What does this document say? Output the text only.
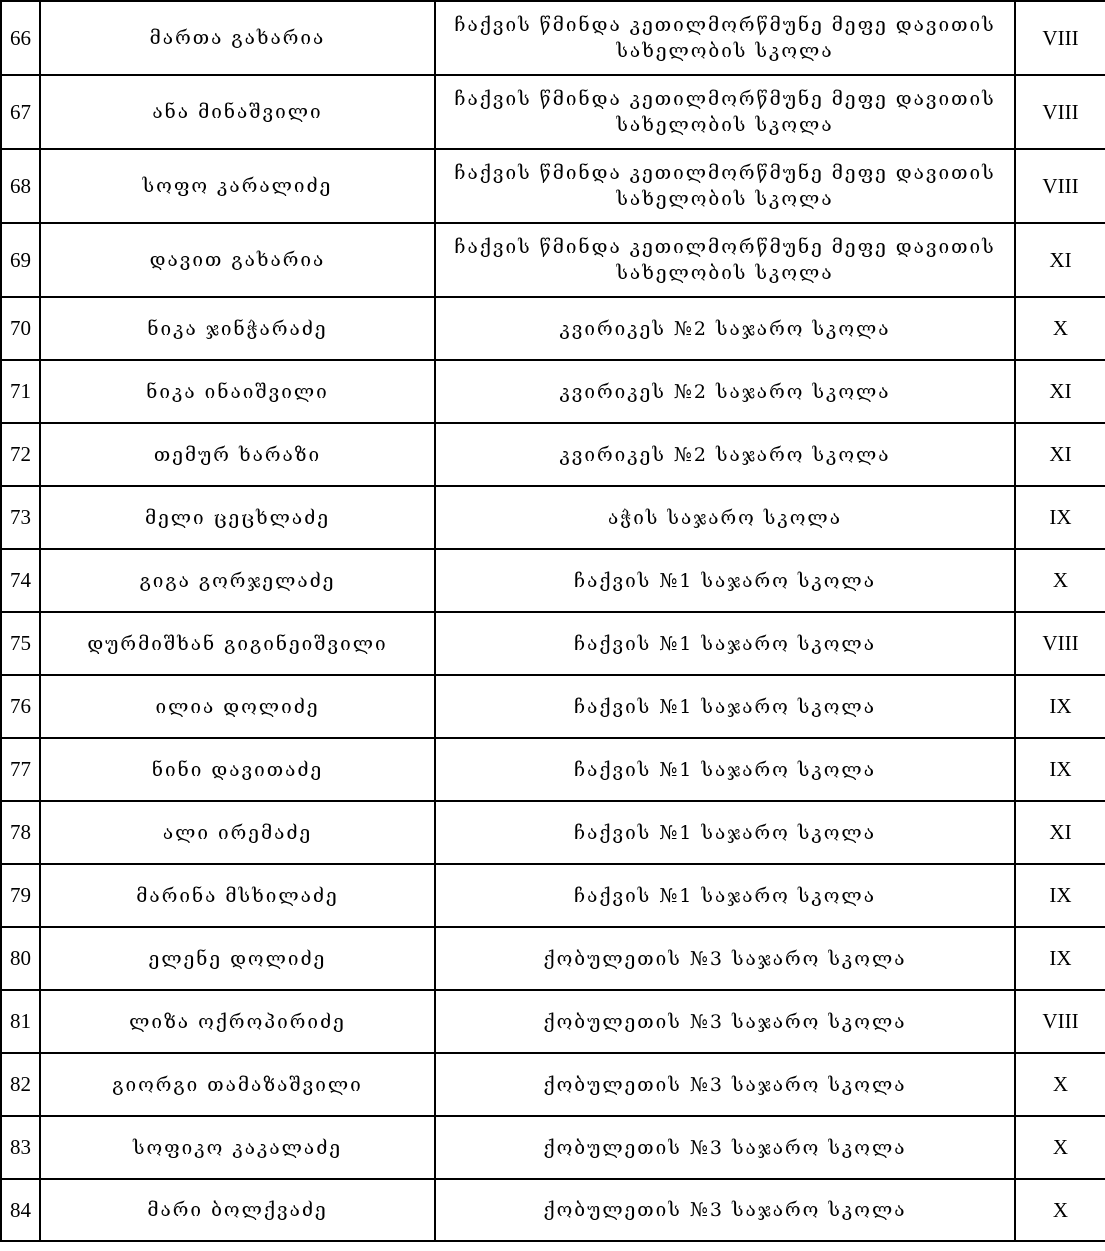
66	მართა გახარია	ჩაქვის წმინდა კეთილმორწმუნე მეფე დავითის სახელობის სკოლა	VIII
67	ანა მინაშვილი	ჩაქვის წმინდა კეთილმორწმუნე მეფე დავითის სახელობის სკოლა	VIII
68	სოფო კარალიძე	ჩაქვის წმინდა კეთილმორწმუნე მეფე დავითის სახელობის სკოლა	VIII
69	დავით გახარია	ჩაქვის წმინდა კეთილმორწმუნე მეფე დავითის სახელობის სკოლა	XI
70	ნიკა ჯინჭარაძე	კვირიკეს №2 საჯარო სკოლა	X
71	ნიკა ინაიშვილი	კვირიკეს №2 საჯარო სკოლა	XI
72	თემურ ხარაზი	კვირიკეს №2 საჯარო სკოლა	XI
73	მელი ცეცხლაძე	აჭის საჯარო სკოლა	IX
74	გიგა გორჯელაძე	ჩაქვის №1 საჯარო სკოლა	X
75	დურმიშხან გიგინეიშვილი	ჩაქვის №1 საჯარო სკოლა	VIII
76	ილია დოლიძე	ჩაქვის №1 საჯარო სკოლა	IX
77	ნინი დავითაძე	ჩაქვის №1 საჯარო სკოლა	IX
78	ალი ირემაძე	ჩაქვის №1 საჯარო სკოლა	XI
79	მარინა მსხილაძე	ჩაქვის №1 საჯარო სკოლა	IX
80	ელენე დოლიძე	ქობულეთის №3 საჯარო სკოლა	IX
81	ლიზა ოქროპირიძე	ქობულეთის №3 საჯარო სკოლა	VIII
82	გიორგი თამაზაშვილი	ქობულეთის №3 საჯარო სკოლა	X
83	სოფიკო კაკალაძე	ქობულეთის №3 საჯარო სკოლა	X
84	მარი ბოლქვაძე	ქობულეთის №3 საჯარო სკოლა	X
